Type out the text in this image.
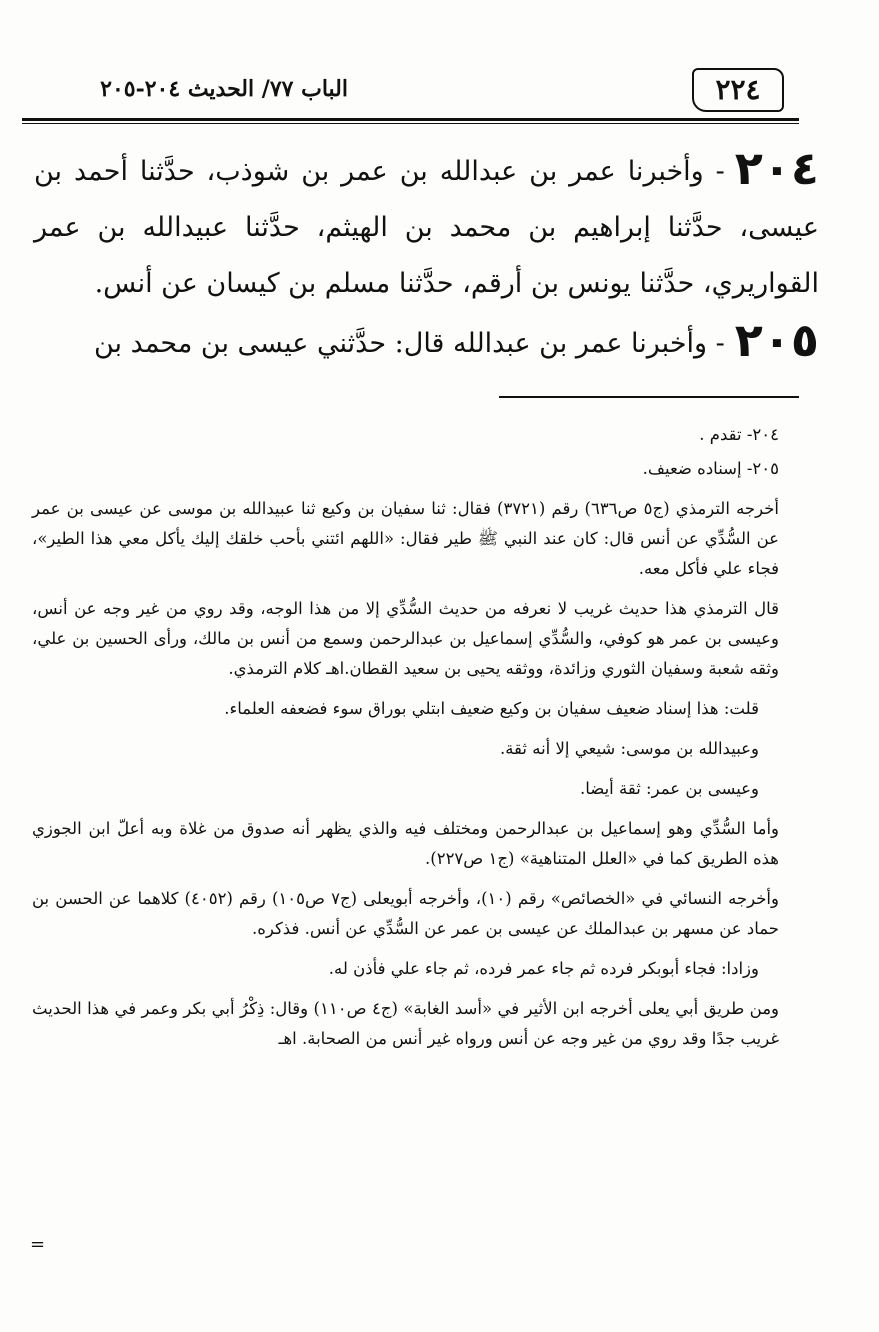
٢٢٤
الباب ٧٧/ الحديث ٢٠٤-٢٠٥

٢٠٤- وأخبرنا عمر بن عبدالله بن عمر بن شوذب، حدَّثنا أحمد بن عيسى، حدَّثنا إبراهيم بن محمد بن الهيثم، حدَّثنا عبيدالله بن عمر القواريري، حدَّثنا يونس بن أرقم، حدَّثنا مسلم بن كيسان عن أنس.

٢٠٥- وأخبرنا عمر بن عبدالله قال: حدَّثني عيسى بن محمد بن

٢٠٤- تقدم .

٢٠٥- إسناده ضعيف.

أخرجه الترمذي (ج٥ ص٦٣٦) رقم (٣٧٢١) فقال: ثنا سفيان بن وكيع ثنا عبيدالله بن موسى عن عيسى بن عمر عن السُّدِّي عن أنس قال: كان عند النبي ﷺ طير فقال: «اللهم ائتني بأحب خلقك إليك يأكل معي هذا الطير»، فجاء علي فأكل معه.

قال الترمذي هذا حديث غريب لا نعرفه من حديث السُّدِّي إلا من هذا الوجه، وقد روي من غير وجه عن أنس، وعيسى بن عمر هو كوفي، والسُّدِّي إسماعيل بن عبدالرحمن وسمع من أنس بن مالك، ورأى الحسين بن علي، وثقه شعبة وسفيان الثوري وزائدة، ووثقه يحيى بن سعيد القطان.اهـ كلام الترمذي.

قلت: هذا إسناد ضعيف سفيان بن وكيع ضعيف ابتلي بوراق سوء فضعفه العلماء.

وعبيدالله بن موسى: شيعي إلا أنه ثقة.

وعيسى بن عمر: ثقة أيضا.

وأما السُّدِّي وهو إسماعيل بن عبدالرحمن ومختلف فيه والذي يظهر أنه صدوق من غلاة وبه أعلّ ابن الجوزي هذه الطريق كما في «العلل المتناهية» (ج١ ص٢٢٧).

وأخرجه النسائي في «الخصائص» رقم (١٠)، وأخرجه أبويعلى (ج٧ ص١٠٥) رقم (٤٠٥٢) كلاهما عن الحسن بن حماد عن مسهر بن عبدالملك عن عيسى بن عمر عن السُّدِّي عن أنس. فذكره.

وزادا: فجاء أبوبكر فرده ثم جاء عمر فرده، ثم جاء علي فأذن له.

ومن طريق أبي يعلى أخرجه ابن الأثير في «أسد الغابة» (ج٤ ص١١٠) وقال: ذِكْرُ أبي بكر وعمر في هذا الحديث غريب جدًا وقد روي من غير وجه عن أنس ورواه غير أنس من الصحابة. اهـ

=
